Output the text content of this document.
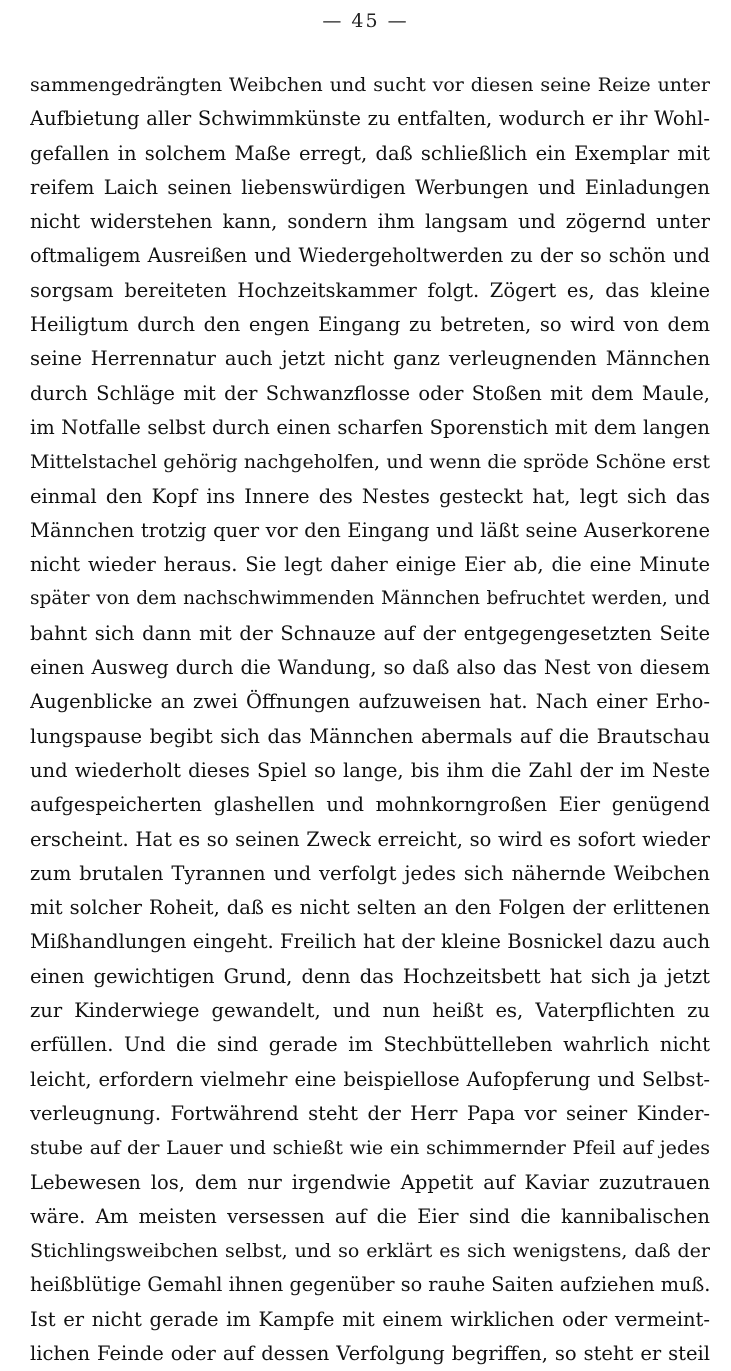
— 45 —
sammengedrängten Weibchen und sucht vor diesen seine Reize unter
Aufbietung aller Schwimmkünste zu entfalten, wodurch er ihr Wohl-
gefallen in solchem Maße erregt, daß schließlich ein Exemplar mit
reifem Laich seinen liebenswürdigen Werbungen und Einladungen
nicht widerstehen kann, sondern ihm langsam und zögernd unter
oftmaligem Ausreißen und Wiedergeholtwerden zu der so schön und
sorgsam bereiteten Hochzeitskammer folgt. Zögert es, das kleine
Heiligtum durch den engen Eingang zu betreten, so wird von dem
seine Herrennatur auch jetzt nicht ganz verleugnenden Männchen
durch Schläge mit der Schwanzflosse oder Stoßen mit dem Maule,
im Notfalle selbst durch einen scharfen Sporenstich mit dem langen
Mittelstachel gehörig nachgeholfen, und wenn die spröde Schöne erst
einmal den Kopf ins Innere des Nestes gesteckt hat, legt sich das
Männchen trotzig quer vor den Eingang und läßt seine Auserkorene
nicht wieder heraus. Sie legt daher einige Eier ab, die eine Minute
später von dem nachschwimmenden Männchen befruchtet werden, und
bahnt sich dann mit der Schnauze auf der entgegengesetzten Seite
einen Ausweg durch die Wandung, so daß also das Nest von diesem
Augenblicke an zwei Öffnungen aufzuweisen hat. Nach einer Erho-
lungspause begibt sich das Männchen abermals auf die Brautschau
und wiederholt dieses Spiel so lange, bis ihm die Zahl der im Neste
aufgespeicherten glashellen und mohnkorngroßen Eier genügend
erscheint. Hat es so seinen Zweck erreicht, so wird es sofort wieder
zum brutalen Tyrannen und verfolgt jedes sich nähernde Weibchen
mit solcher Roheit, daß es nicht selten an den Folgen der erlittenen
Mißhandlungen eingeht. Freilich hat der kleine Bosnickel dazu auch
einen gewichtigen Grund, denn das Hochzeitsbett hat sich ja jetzt
zur Kinderwiege gewandelt, und nun heißt es, Vaterpflichten zu
erfüllen. Und die sind gerade im Stechbüttelleben wahrlich nicht
leicht, erfordern vielmehr eine beispiellose Aufopferung und Selbst-
verleugnung. Fortwährend steht der Herr Papa vor seiner Kinder-
stube auf der Lauer und schießt wie ein schimmernder Pfeil auf jedes
Lebewesen los, dem nur irgendwie Appetit auf Kaviar zuzutrauen
wäre. Am meisten versessen auf die Eier sind die kannibalischen
Stichlingsweibchen selbst, und so erklärt es sich wenigstens, daß der
heißblütige Gemahl ihnen gegenüber so rauhe Saiten aufziehen muß.
Ist er nicht gerade im Kampfe mit einem wirklichen oder vermeint-
lichen Feinde oder auf dessen Verfolgung begriffen, so steht er steil
